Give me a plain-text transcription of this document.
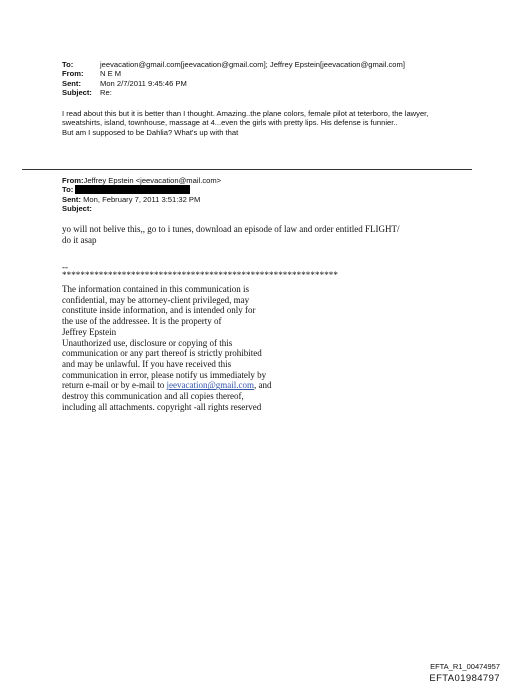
To:	jeevacation@gmail.com[jeevacation@gmail.com]; Jeffrey Epstein[jeevacation@gmail.com]
From:	N E M
Sent:	Mon 2/7/2011 9:45:46 PM
Subject:	Re:

I read about this but it is better than I thought. Amazing..the plane colors, female pilot at teterboro, the lawyer, sweatshirts, island, townhouse, massage at 4...even the girls with pretty lips. His defense is funnier..

But am I supposed to be Dahlia? What's up with that

From:Jeffrey Epstein <jeevacation@mail.com>
To:
Sent: Mon, February 7, 2011 3:51:32 PM
Subject:

yo will not belive this,, go to i tunes, download an episode of law and order entitled FLIGHT/

do it asap

--
************************************************************

The information contained in this communication is

confidential, may be attorney-client privileged, may

constitute inside information, and is intended only for

the use of the addressee. It is the property of

Jeffrey Epstein

Unauthorized use, disclosure or copying of this

communication or any part thereof is strictly prohibited

and may be unlawful. If you have received this

communication in error, please notify us immediately by

return e-mail or by e-mail to jeevacation@gmail.com, and

destroy this communication and all copies thereof,

including all attachments. copyright -all rights reserved

EFTA_R1_00474957
EFTA01984797
